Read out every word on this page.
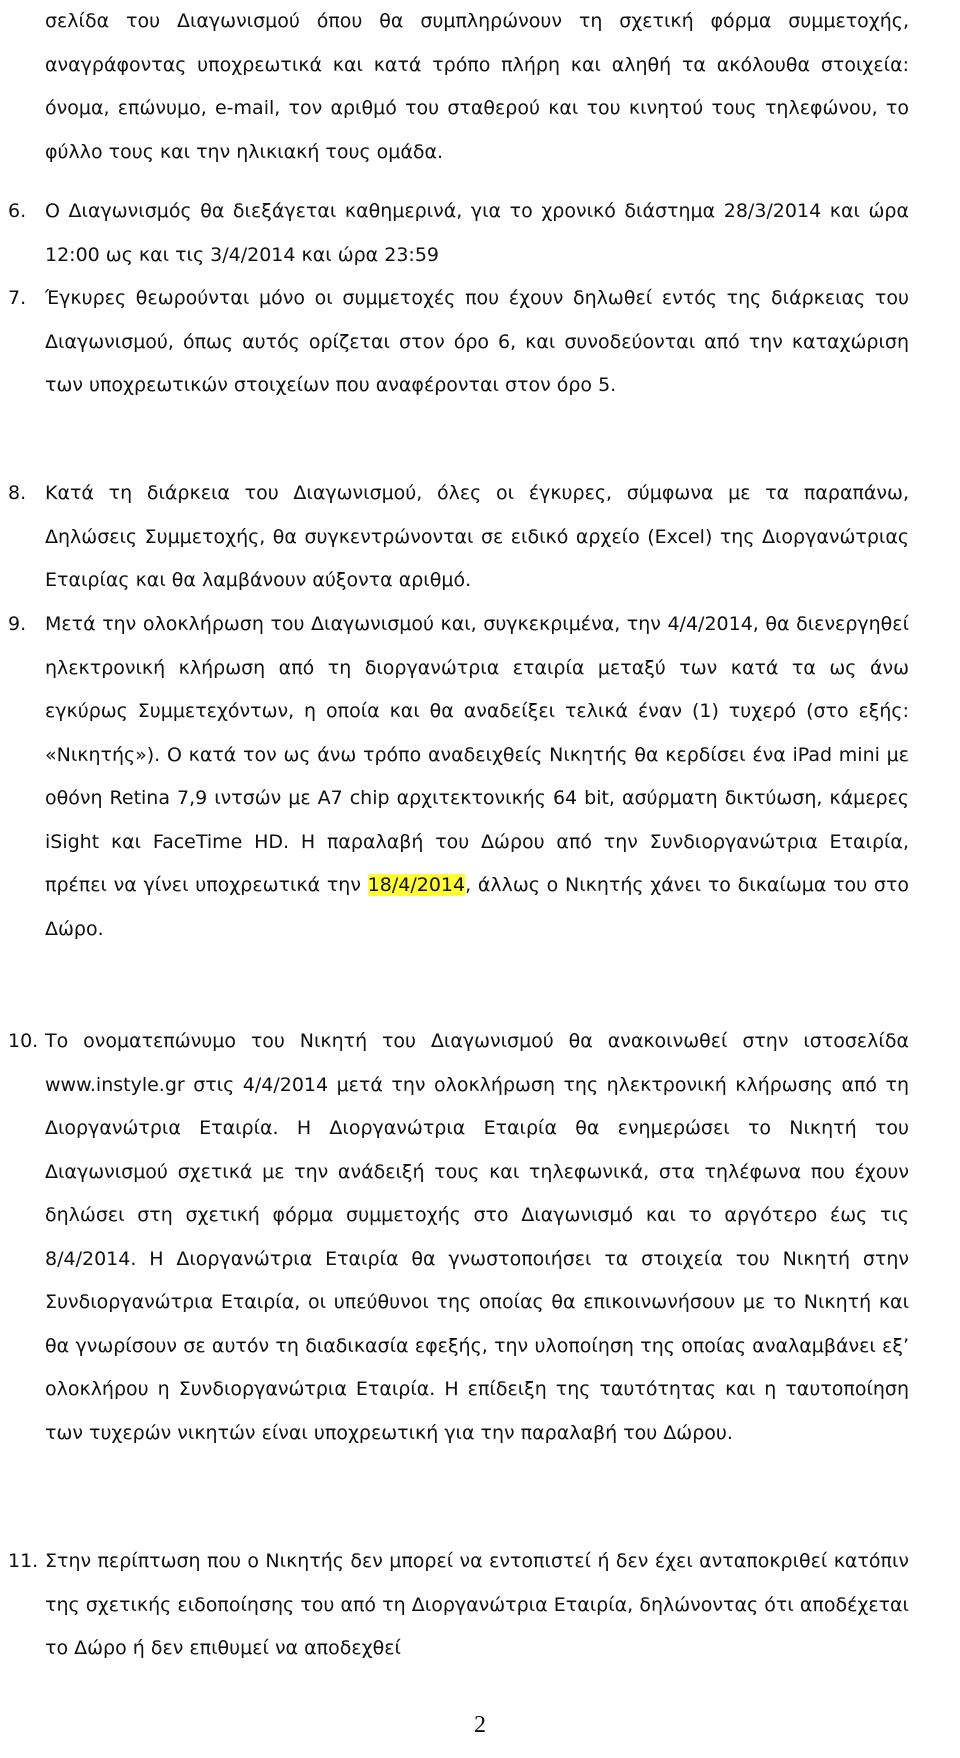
σελίδα του Διαγωνισμού όπου θα συμπληρώνουν τη σχετική φόρμα συμμετοχής, αναγράφοντας υποχρεωτικά και κατά τρόπο πλήρη και αληθή τα ακόλουθα στοιχεία: όνομα, επώνυμο, e-mail, τον αριθμό του σταθερού και του κινητού τους τηλεφώνου, το φύλλο τους και την ηλικιακή τους ομάδα.
6. Ο Διαγωνισμός θα διεξάγεται καθημερινά, για το χρονικό διάστημα 28/3/2014 και ώρα 12:00 ως και τις 3/4/2014 και ώρα 23:59
7. Έγκυρες θεωρούνται μόνο οι συμμετοχές που έχουν δηλωθεί εντός της διάρκειας του Διαγωνισμού, όπως αυτός ορίζεται στον όρο 6, και συνοδεύονται από την καταχώριση των υποχρεωτικών στοιχείων που αναφέρονται στον όρο 5.
8. Κατά τη διάρκεια του Διαγωνισμού, όλες οι έγκυρες, σύμφωνα με τα παραπάνω, Δηλώσεις Συμμετοχής, θα συγκεντρώνονται σε ειδικό αρχείο (Excel) της Διοργανώτριας Εταιρίας και θα λαμβάνουν αύξοντα αριθμό.
9. Μετά την ολοκλήρωση του Διαγωνισμού και, συγκεκριμένα, την 4/4/2014, θα διενεργηθεί ηλεκτρονική κλήρωση από τη διοργανώτρια εταιρία μεταξύ των κατά τα ως άνω εγκύρως Συμμετεχόντων, η οποία και θα αναδείξει τελικά έναν (1) τυχερό (στο εξής: «Νικητής»). Ο κατά τον ως άνω τρόπο αναδειχθείς Νικητής θα κερδίσει ένα iPad mini με οθόνη Retina 7,9 ιντσών με A7 chip αρχιτεκτονικής 64 bit, ασύρματη δικτύωση, κάμερες iSight και FaceTime HD. Η παραλαβή του Δώρου από την Συνδιοργανώτρια Εταιρία, πρέπει να γίνει υποχρεωτικά την 18/4/2014, άλλως ο Νικητής χάνει το δικαίωμα του στο Δώρο.
10. Το ονοματεπώνυμο του Νικητή του Διαγωνισμού θα ανακοινωθεί στην ιστοσελίδα www.instyle.gr στις 4/4/2014 μετά την ολοκλήρωση της ηλεκτρονική κλήρωσης από τη Διοργανώτρια Εταιρία. Η Διοργανώτρια Εταιρία θα ενημερώσει το Νικητή του Διαγωνισμού σχετικά με την ανάδειξή τους και τηλεφωνικά, στα τηλέφωνα που έχουν δηλώσει στη σχετική φόρμα συμμετοχής στο Διαγωνισμό και το αργότερο έως τις 8/4/2014. Η Διοργανώτρια Εταιρία θα γνωστοποιήσει τα στοιχεία του Νικητή στην Συνδιοργανώτρια Εταιρία, οι υπεύθυνοι της οποίας θα επικοινωνήσουν με το Νικητή και θα γνωρίσουν σε αυτόν τη διαδικασία εφεξής, την υλοποίηση της οποίας αναλαμβάνει εξ’ ολοκλήρου η Συνδιοργανώτρια Εταιρία. Η επίδειξη της ταυτότητας και η ταυτοποίηση των τυχερών νικητών είναι υποχρεωτική για την παραλαβή του Δώρου.
11. Στην περίπτωση που ο Νικητής δεν μπορεί να εντοπιστεί ή δεν έχει ανταποκριθεί κατόπιν της σχετικής ειδοποίησης του από τη Διοργανώτρια Εταιρία, δηλώνοντας ότι αποδέχεται το Δώρο ή δεν επιθυμεί να αποδεχθεί
2
